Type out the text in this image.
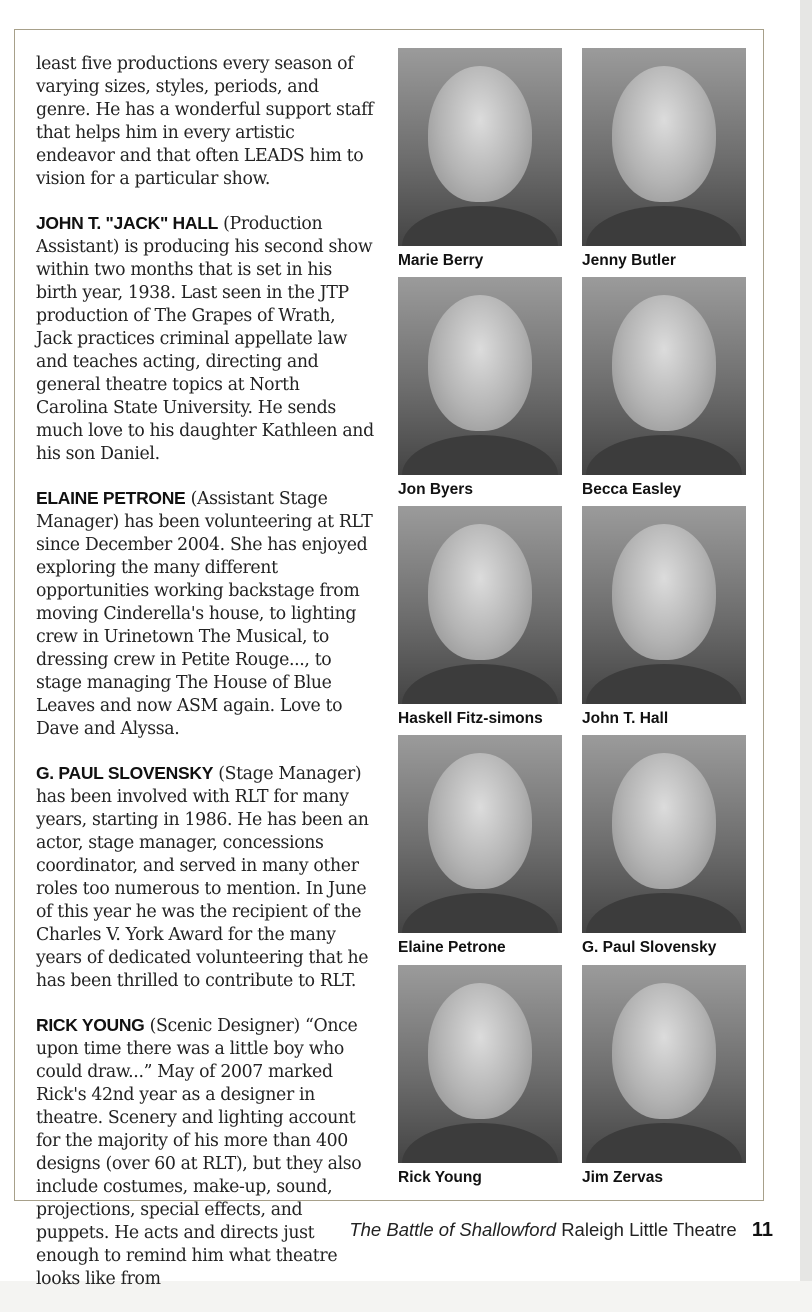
least five productions every season of varying sizes, styles, periods, and genre. He has a wonderful support staff that helps him in every artistic endeavor and that often LEADS him to vision for a particular show.

JOHN T. "JACK" HALL (Production Assistant) is producing his second show within two months that is set in his birth year, 1938. Last seen in the JTP production of The Grapes of Wrath, Jack practices criminal appellate law and teaches acting, directing and general theatre topics at North Carolina State University. He sends much love to his daughter Kathleen and his son Daniel.

ELAINE PETRONE (Assistant Stage Manager) has been volunteering at RLT since December 2004. She has enjoyed exploring the many different opportunities working backstage from moving Cinderella's house, to lighting crew in Urinetown The Musical, to dressing crew in Petite Rouge..., to stage managing The House of Blue Leaves and now ASM again. Love to Dave and Alyssa.

G. PAUL SLOVENSKY (Stage Manager) has been involved with RLT for many years, starting in 1986. He has been an actor, stage manager, concessions coordinator, and served in many other roles too numerous to mention. In June of this year he was the recipient of the Charles V. York Award for the many years of dedicated volunteering that he has been thrilled to contribute to RLT.

RICK YOUNG (Scenic Designer) “Once upon time there was a little boy who could draw...” May of 2007 marked Rick's 42nd year as a designer in theatre. Scenery and lighting account for the majority of his more than 400 designs (over 60 at RLT), but they also include costumes, make-up, sound, projections, special effects, and puppets. He acts and directs just enough to remind him what theatre looks like from

Marie Berry	Jenny Butler
Jon Byers	Becca Easley
Haskell Fitz-simons	John T. Hall
Elaine Petrone	G. Paul Slovensky
Rick Young	Jim Zervas
The Battle of Shallowford Raleigh Little Theatre 11
